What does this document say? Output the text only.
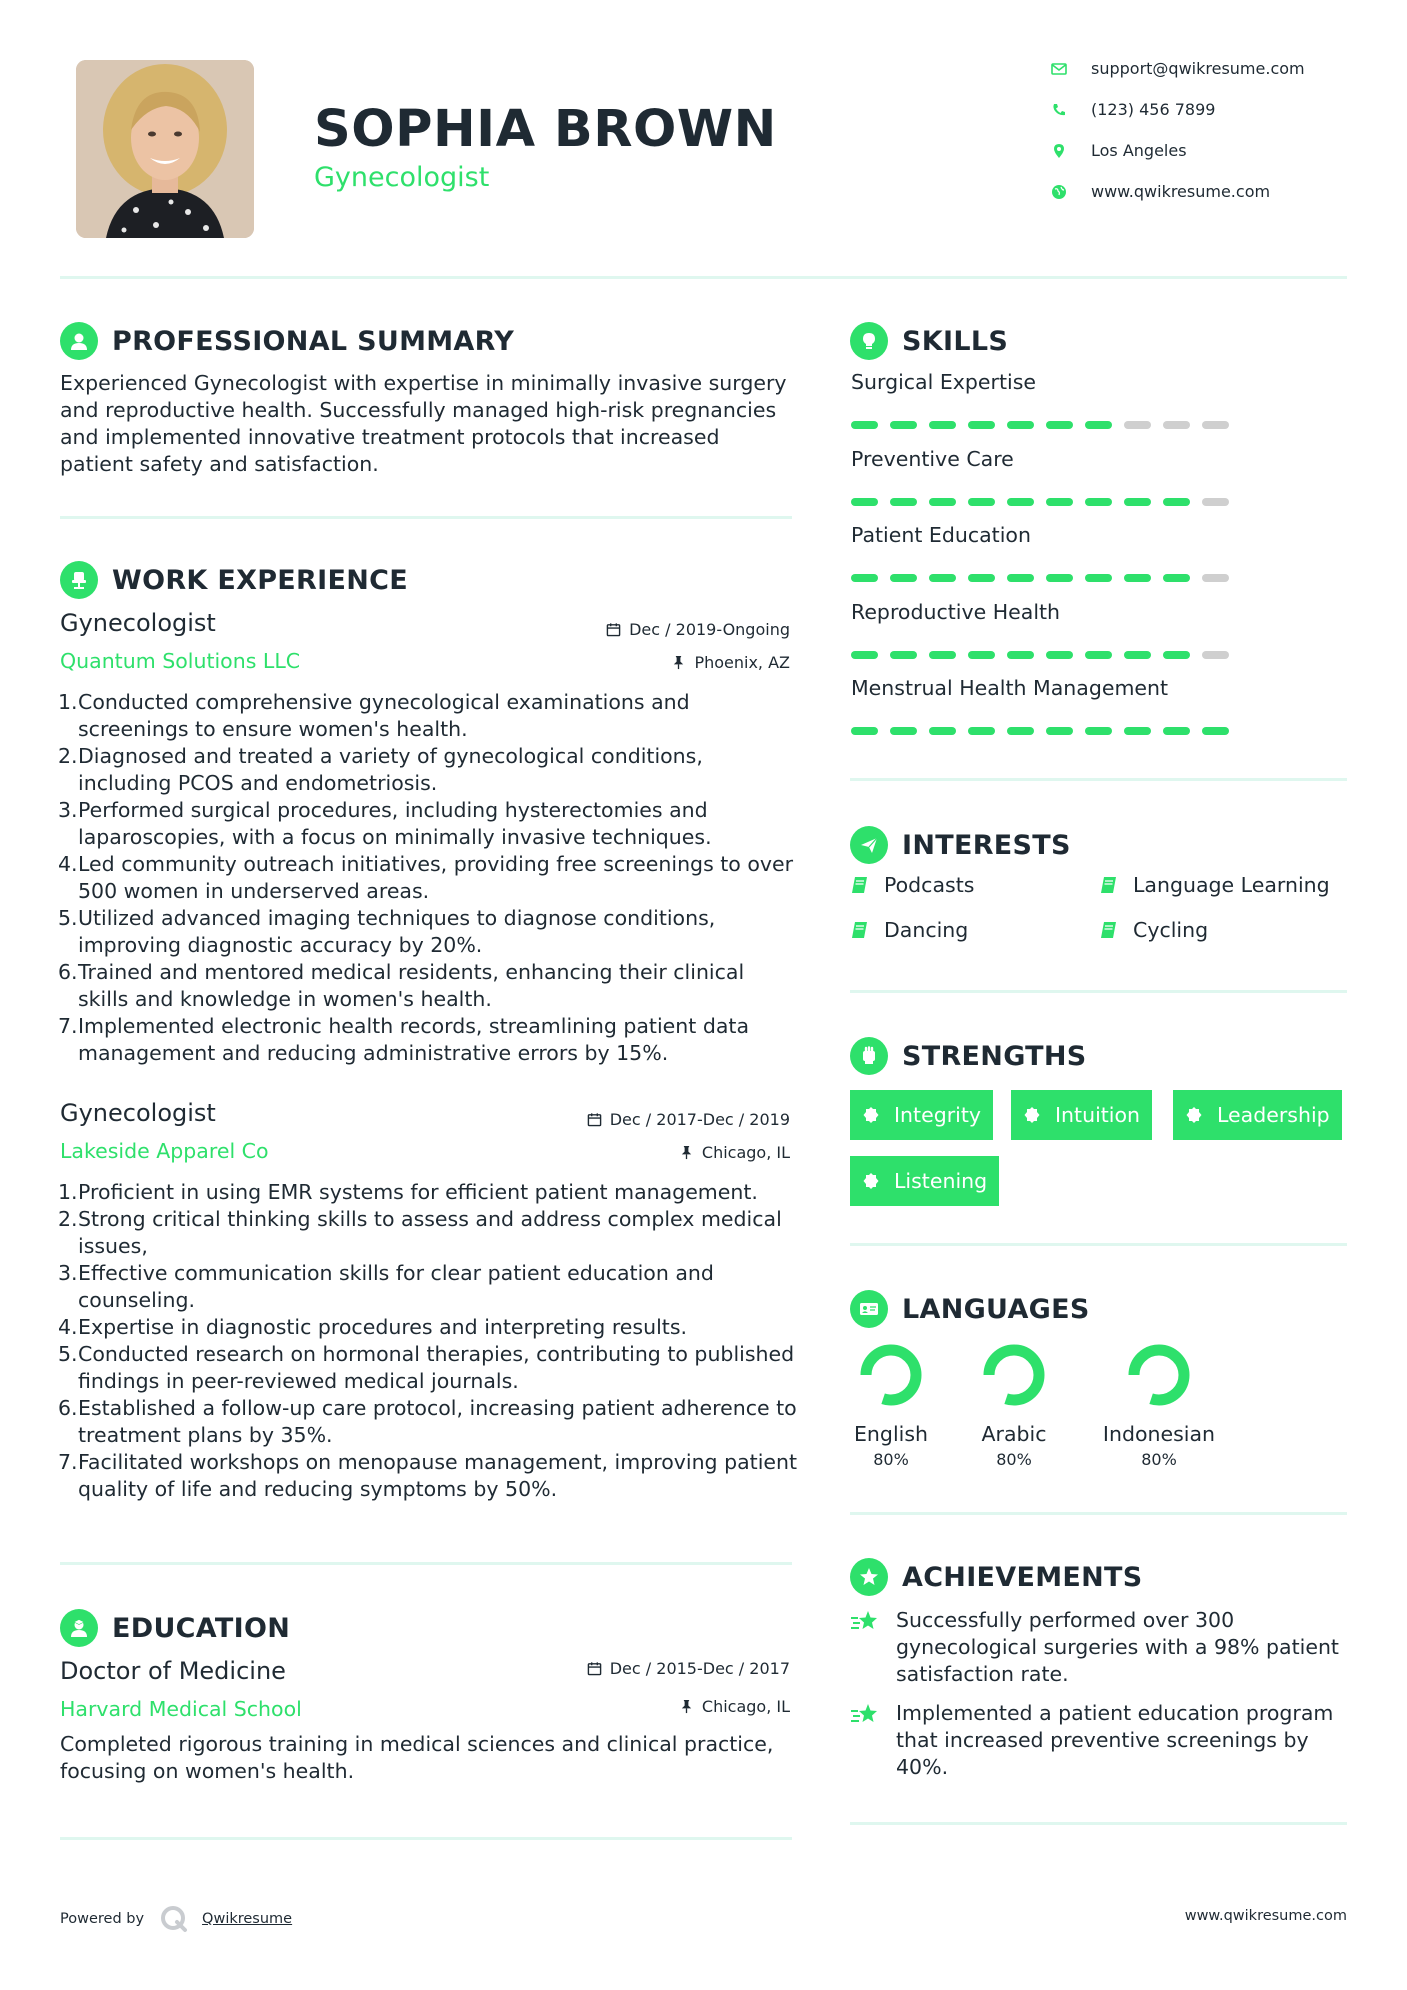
SOPHIA BROWN
Gynecologist
support@qwikresume.com
(123) 456 7899
Los Angeles
www.qwikresume.com
PROFESSIONAL SUMMARY
Experienced Gynecologist with expertise in minimally invasive surgery and reproductive health. Successfully managed high-risk pregnancies and implemented innovative treatment protocols that increased patient safety and satisfaction.
WORK EXPERIENCE
Gynecologist
Quantum Solutions LLC
Dec / 2019-Ongoing
Phoenix, AZ
1. Conducted comprehensive gynecological examinations and screenings to ensure women's health.
2. Diagnosed and treated a variety of gynecological conditions, including PCOS and endometriosis.
3. Performed surgical procedures, including hysterectomies and laparoscopies, with a focus on minimally invasive techniques.
4. Led community outreach initiatives, providing free screenings to over 500 women in underserved areas.
5. Utilized advanced imaging techniques to diagnose conditions, improving diagnostic accuracy by 20%.
6. Trained and mentored medical residents, enhancing their clinical skills and knowledge in women's health.
7. Implemented electronic health records, streamlining patient data management and reducing administrative errors by 15%.
Gynecologist
Lakeside Apparel Co
Dec / 2017-Dec / 2019
Chicago, IL
1. Proficient in using EMR systems for efficient patient management.
2. Strong critical thinking skills to assess and address complex medical issues,
3. Effective communication skills for clear patient education and counseling.
4. Expertise in diagnostic procedures and interpreting results.
5. Conducted research on hormonal therapies, contributing to published findings in peer-reviewed medical journals.
6. Established a follow-up care protocol, increasing patient adherence to treatment plans by 35%.
7. Facilitated workshops on menopause management, improving patient quality of life and reducing symptoms by 50%.
EDUCATION
Doctor of Medicine
Harvard Medical School
Dec / 2015-Dec / 2017
Chicago, IL
Completed rigorous training in medical sciences and clinical practice, focusing on women's health.
SKILLS
Surgical Expertise
Preventive Care
Patient Education
Reproductive Health
Menstrual Health Management
INTERESTS
Podcasts	Language Learning
Dancing	Cycling
STRENGTHS
Integrity	Intuition	Leadership
Listening
LANGUAGES
English
80%
Arabic
80%
Indonesian
80%
ACHIEVEMENTS
Successfully performed over 300 gynecological surgeries with a 98% patient satisfaction rate.
Implemented a patient education program that increased preventive screenings by 40%.
Powered by	Qwikresume	www.qwikresume.com
